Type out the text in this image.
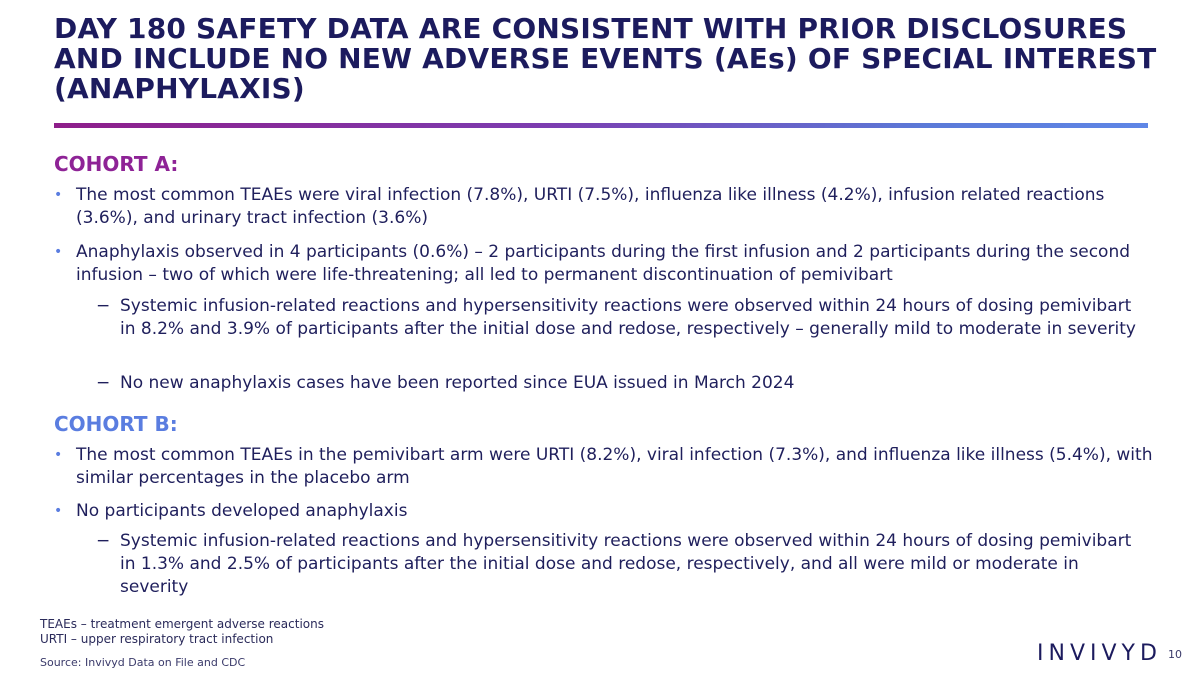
DAY 180 SAFETY DATA ARE CONSISTENT WITH PRIOR DISCLOSURES AND INCLUDE NO NEW ADVERSE EVENTS (AEs) OF SPECIAL INTEREST (ANAPHYLAXIS)
COHORT A:
• The most common TEAEs were viral infection (7.8%), URTI (7.5%), influenza like illness (4.2%), infusion related reactions (3.6%), and urinary tract infection (3.6%)
• Anaphylaxis observed in 4 participants (0.6%) – 2 participants during the first infusion and 2 participants during the second infusion – two of which were life-threatening; all led to permanent discontinuation of pemivibart
− Systemic infusion-related reactions and hypersensitivity reactions were observed within 24 hours of dosing pemivibart in 8.2% and 3.9% of participants after the initial dose and redose, respectively – generally mild to moderate in severity
− No new anaphylaxis cases have been reported since EUA issued in March 2024
COHORT B:
• The most common TEAEs in the pemivibart arm were URTI (8.2%), viral infection (7.3%), and influenza like illness (5.4%), with similar percentages in the placebo arm
• No participants developed anaphylaxis
− Systemic infusion-related reactions and hypersensitivity reactions were observed within 24 hours of dosing pemivibart in 1.3% and 2.5% of participants after the initial dose and redose, respectively, and all were mild or moderate in severity
TEAEs – treatment emergent adverse reactions
URTI – upper respiratory tract infection
Source: Invivyd Data on File and CDC	INVIVYD 10
